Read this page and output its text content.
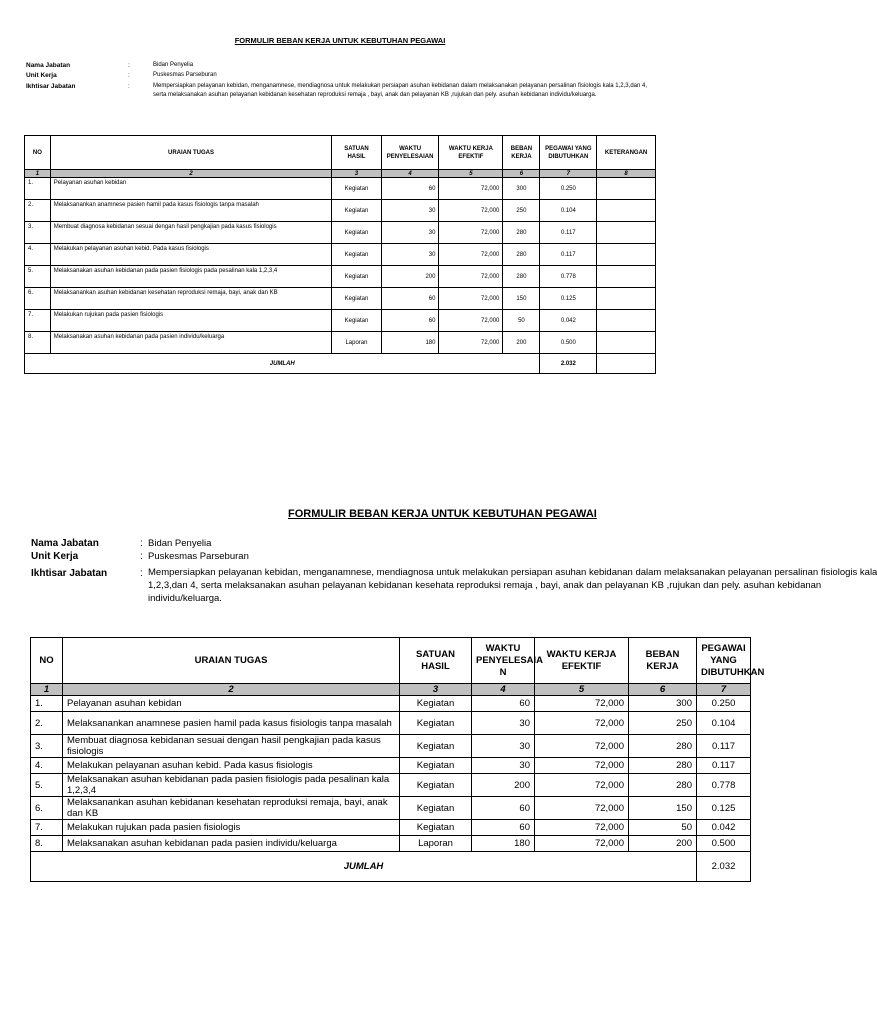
FORMULIR BEBAN KERJA UNTUK KEBUTUHAN PEGAWAI
Nama Jabatan	:	Bidan Penyelia
Unit Kerja	:	Puskesmas Parseburan
Ikhtisar Jabatan	:	Mempersiapkan pelayanan kebidan, menganamnese, mendiagnosa untuk melakukan persiapan asuhan kebidanan dalam melaksanakan pelayanan persalinan fisiologis kala 1,2,3,dan 4, serta melaksanakan asuhan pelayanan kebidanan kesehatan reproduksi remaja , bayi, anak dan pelayanan KB ,rujukan dan pely. asuhan kebidanan individu/keluarga.
NO	URAIAN TUGAS	SATUAN HASIL	WAKTU PENYELESAIAN	WAKTU KERJA EFEKTIF	BEBAN KERJA	PEGAWAI YANG DIBUTUHKAN	KETERANGAN
1	2	3	4	5	6	7	8
1.	Pelayanan asuhan kebidan	Kegiatan	60	72,000	300	0.250	
2.	Melaksanankan anamnese pasien hamil pada kasus fisiologis tanpa masalah	Kegiatan	30	72,000	250	0.104	
3.	Membuat diagnosa kebidanan sesuai dengan hasil pengkajian pada kasus fisiologis	Kegiatan	30	72,000	280	0.117	
4.	Melakukan pelayanan asuhan kebid. Pada kasus fisiologis	Kegiatan	30	72,000	280	0.117	
5.	Melaksanakan asuhan kebidanan pada pasien fisiologis pada pesalinan kala 1,2,3,4	Kegiatan	200	72,000	280	0.778	
6.	Melaksanankan asuhan kebidanan kesehatan reproduksi remaja, bayi, anak dan KB	Kegiatan	60	72,000	150	0.125	
7.	Melakukan rujukan pada pasien fisiologis	Kegiatan	60	72,000	50	0.042	
8.	Melaksanakan asuhan kebidanan pada pasien individu/keluarga	Laporan	180	72,000	200	0.500	
JUMLAH						2.032	
FORMULIR BEBAN KERJA UNTUK KEBUTUHAN PEGAWAI
Nama Jabatan	: Bidan Penyelia
Unit Kerja	: Puskesmas Parseburan
Ikhtisar Jabatan	: Mempersiapkan pelayanan kebidan, menganamnese, mendiagnosa untuk melakukan persiapan asuhan kebidanan dalam melaksanakan pelayanan persalinan fisiologis kala
1,2,3,dan 4, serta melaksanakan asuhan pelayanan kebidanan kesehata reproduksi remaja , bayi, anak dan pelayanan KB ,rujukan dan pely. asuhan kebidanan
individu/keluarga.
NO	URAIAN TUGAS	SATUAN HASIL	WAKTU PENYELESAIA N	WAKTU KERJA EFEKTIF	BEBAN KERJA	PEGAWAI YANG DIBUTUHKAN
1	2	3	4	5	6	7
1.	Pelayanan asuhan kebidan	Kegiatan	60	72,000	300	0.250
2.	Melaksanankan anamnese pasien hamil pada kasus fisiologis tanpa masalah	Kegiatan	30	72,000	250	0.104
3.	Membuat diagnosa kebidanan sesuai dengan hasil pengkajian pada kasus fisiologis	Kegiatan	30	72,000	280	0.117
4.	Melakukan pelayanan asuhan kebid. Pada kasus fisiologis	Kegiatan	30	72,000	280	0.117
5.	Melaksanakan asuhan kebidanan pada pasien fisiologis pada pesalinan kala 1,2,3,4	Kegiatan	200	72,000	280	0.778
6.	Melaksanankan asuhan kebidanan kesehatan reproduksi remaja, bayi, anak dan KB	Kegiatan	60	72,000	150	0.125
7.	Melakukan rujukan pada pasien fisiologis	Kegiatan	60	72,000	50	0.042
8.	Melaksanakan asuhan kebidanan pada pasien individu/keluarga	Laporan	180	72,000	200	0.500
JUMLAH						2.032
